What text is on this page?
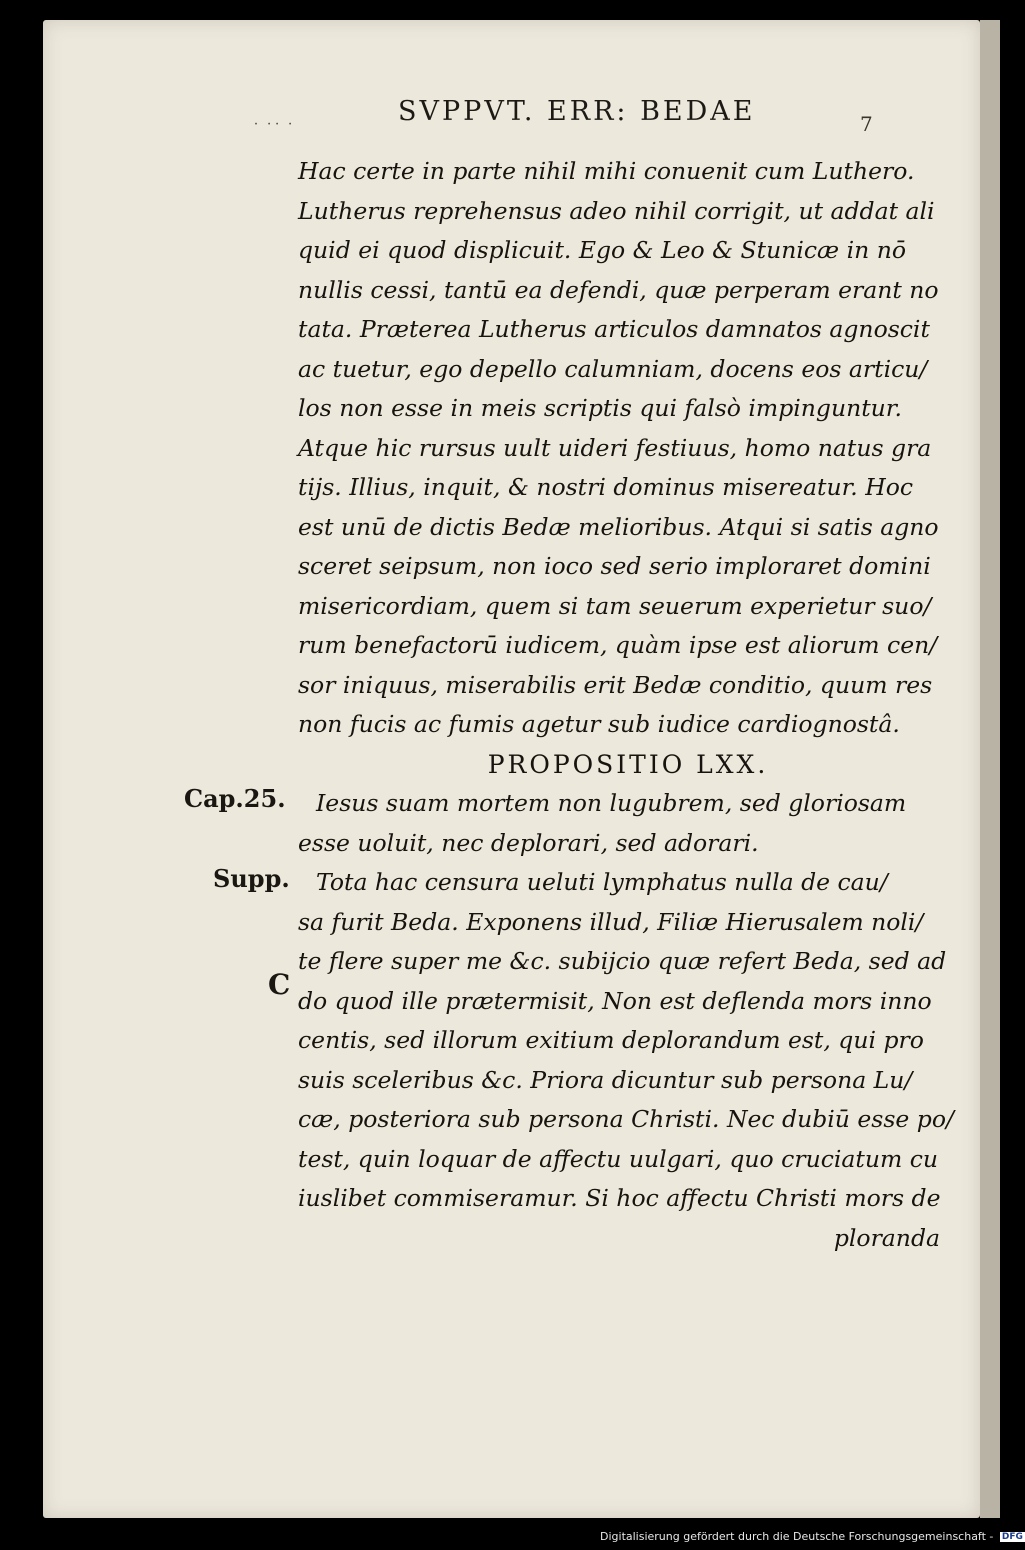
˙ ˙˙ ˙
SVPPVT. ERR: BEDAE	7
Hac certe in parte nihil mihi conuenit cum Luthero.
Lutherus reprehensus adeo nihil corrigit, ut addat ali
quid ei quod displicuit. Ego & Leo & Stunicæ in nō
nullis cessi, tantū ea defendi, quæ perperam erant no
tata. Præterea Lutherus articulos damnatos agnoscit
ac tuetur, ego depello calumniam, docens eos articu/
los non esse in meis scriptis qui falsò impinguntur.
Atque hic rursus uult uideri festiuus, homo natus gra
tijs. Illius, inquit, & nostri dominus misereatur. Hoc
est unū de dictis Bedæ melioribus. Atqui si satis agno
sceret seipsum, non ioco sed serio imploraret domini
misericordiam, quem si tam seuerum experietur suo/
rum benefactorū iudicem, quàm ipse est aliorum cen/
sor iniquus, miserabilis erit Bedæ conditio, quum res
non fucis ac fumis agetur sub iudice cardiognostâ.
PROPOSITIO LXX.
Iesus suam mortem non lugubrem, sed gloriosam
esse uoluit, nec deplorari, sed adorari.
Tota hac censura ueluti lymphatus nulla de cau/
sa furit Beda. Exponens illud, Filiæ Hierusalem noli/
te flere super me &c. subijcio quæ refert Beda, sed ad
do quod ille prætermisit, Non est deflenda mors inno
centis, sed illorum exitium deplorandum est, qui pro
suis sceleribus &c. Priora dicuntur sub persona Lu/
cæ, posteriora sub persona Christi. Nec dubiū esse po/
test, quin loquar de affectu uulgari, quo cruciatum cu
iuslibet commiseramur. Si hoc affectu Christi mors de
ploranda
Cap.25.
Supp.
C
Digitalisierung gefördert durch die Deutsche Forschungsgemeinschaft - DFG
